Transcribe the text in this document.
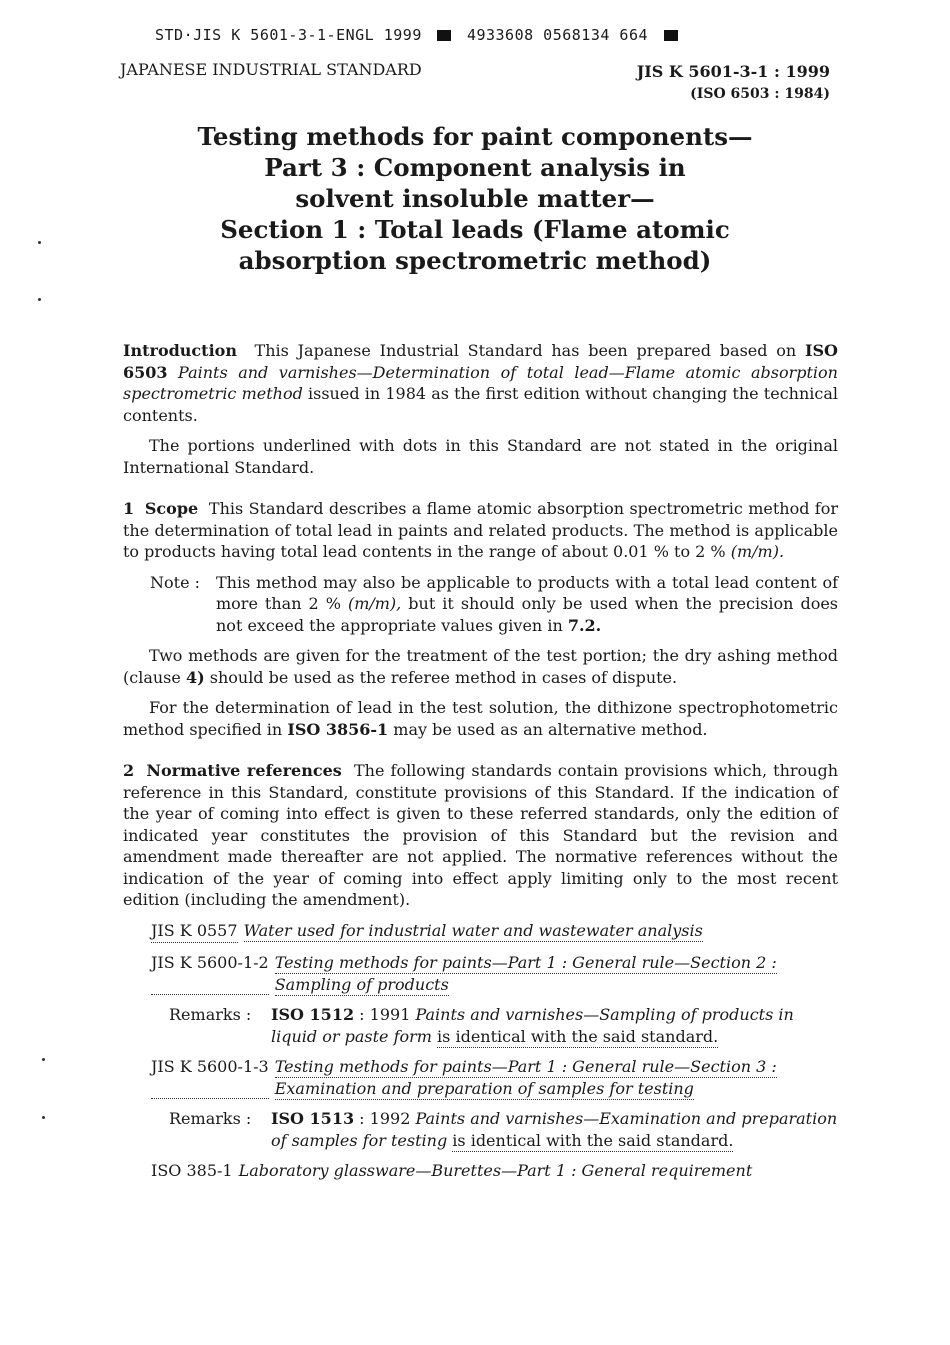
STD·JIS K 5601-3-1-ENGL 1999	4933608 0568134 664
JAPANESE INDUSTRIAL STANDARD	JIS K 5601-3-1 : 1999
(ISO 6503 : 1984)
Testing methods for paint components—
Part 3 : Component analysis in
solvent insoluble matter—
Section 1 : Total leads (Flame atomic
absorption spectrometric method)

Introduction This Japanese Industrial Standard has been prepared based on ISO 6503 Paints and varnishes—Determination of total lead—Flame atomic absorption spectrometric method issued in 1984 as the first edition without changing the technical contents.

The portions underlined with dots in this Standard are not stated in the original International Standard.

1 Scope This Standard describes a flame atomic absorption spectrometric method for the determination of total lead in paints and related products. The method is applicable to products having total lead contents in the range of about 0.01 % to 2 % (m/m).

Note : This method may also be applicable to products with a total lead content of more than 2 % (m/m), but it should only be used when the precision does not exceed the appropriate values given in 7.2.

Two methods are given for the treatment of the test portion; the dry ashing method (clause 4) should be used as the referee method in cases of dispute.

For the determination of lead in the test solution, the dithizone spectrophotometric method specified in ISO 3856-1 may be used as an alternative method.

2 Normative references The following standards contain provisions which, through reference in this Standard, constitute provisions of this Standard. If the indication of the year of coming into effect is given to these referred standards, only the edition of indicated year constitutes the provision of this Standard but the revision and amendment made thereafter are not applied. The normative references without the indication of the year of coming into effect apply limiting only to the most recent edition (including the amendment).

JIS K 0557 Water used for industrial water and wastewater analysis
JIS K 5600-1-2 Testing methods for paints—Part 1 : General rule—Section 2 : Sampling of products
Remarks :	ISO 1512 : 1991 Paints and varnishes—Sampling of products in liquid or paste form is identical with the said standard.
JIS K 5600-1-3 Testing methods for paints—Part 1 : General rule—Section 3 : Examination and preparation of samples for testing
Remarks :	ISO 1513 : 1992 Paints and varnishes—Examination and preparation of samples for testing is identical with the said standard.
ISO 385-1 Laboratory glassware—Burettes—Part 1 : General requirement
